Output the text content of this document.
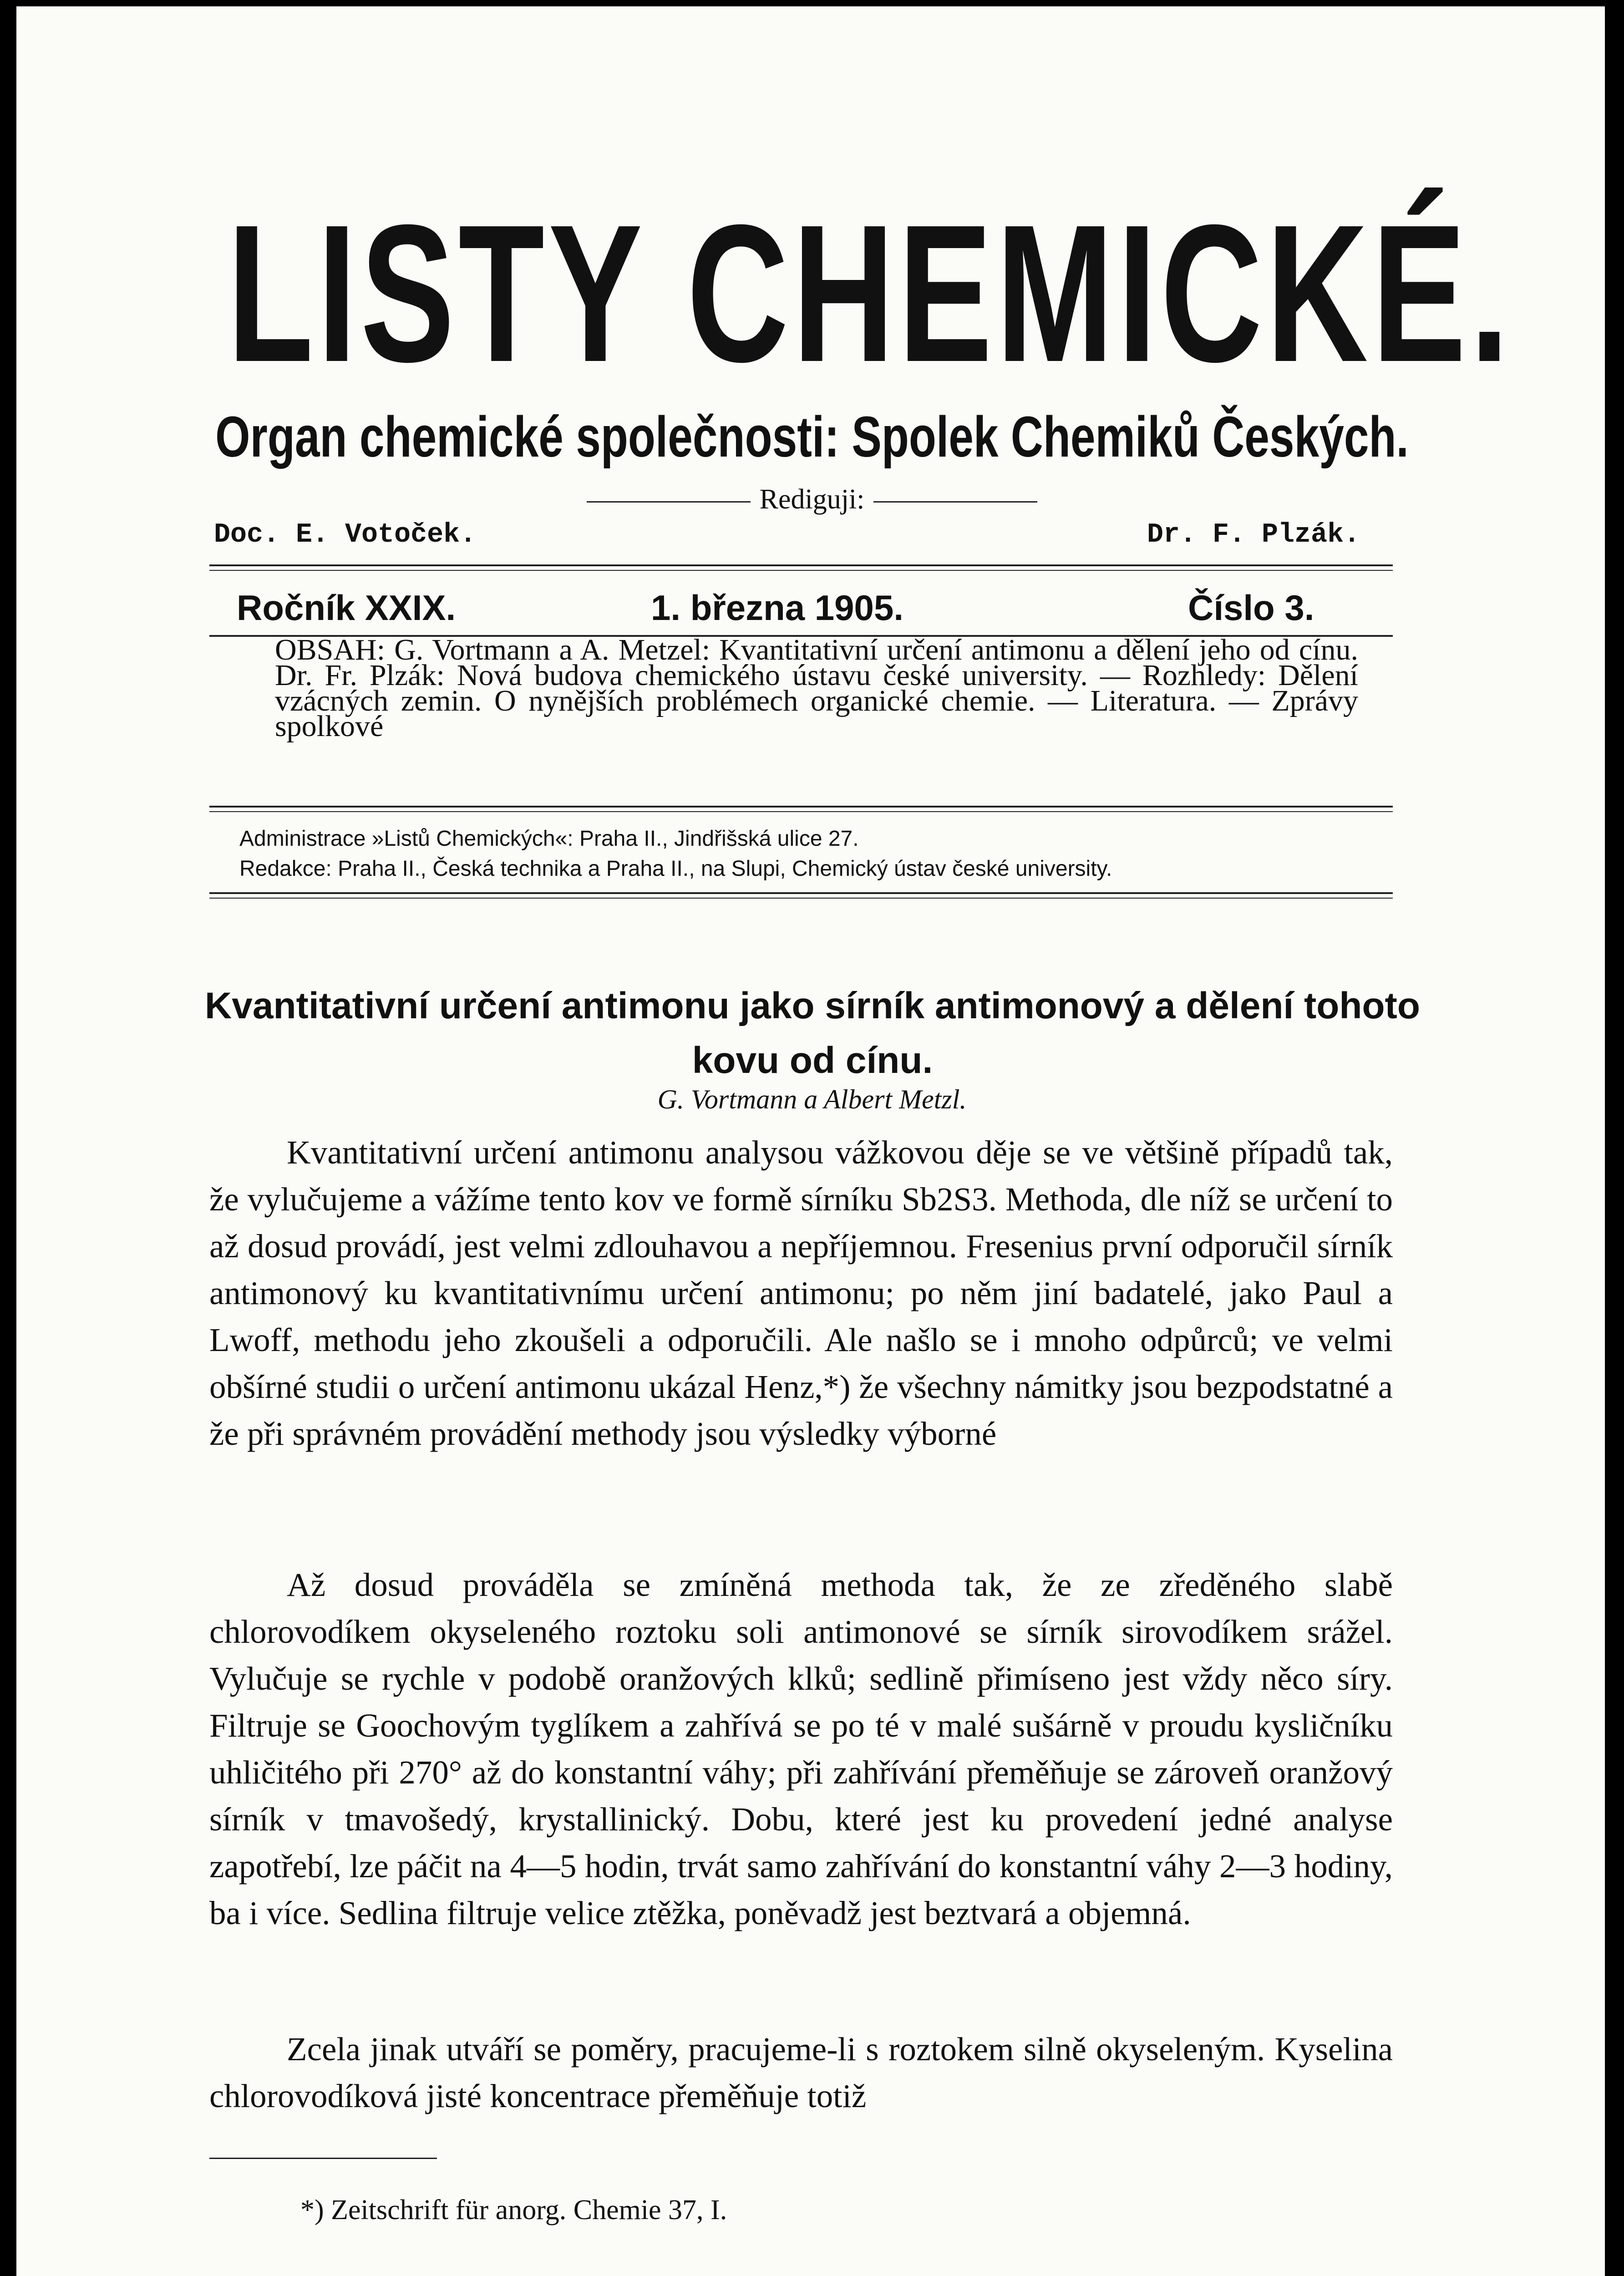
LISTY CHEMICKÉ.
Organ chemické společnosti: Spolek Chemiků Českých.
Rediguji:
Doc. E. Votoček.	Dr. F. Plzák.
Ročník XXIX.	1. března 1905.	Číslo 3.
OBSAH: G. Vortmann a A. Metzel: Kvantitativní určení antimonu a dělení jeho od cínu. Dr. Fr. Plzák: Nová budova chemického ústavu české university. — Rozhledy: Dělení vzácných zemin. O nynějších problémech organické chemie. — Literatura. — Zprávy spolkové
Administrace »Listů Chemických«: Praha II., Jindřišská ulice 27.
Redakce: Praha II., Česká technika a Praha II., na Slupi, Chemický ústav české university.
Kvantitativní určení antimonu jako sírník antimonový a dělení tohoto kovu od cínu.
G. Vortmann a Albert Metzl.
Kvantitativní určení antimonu analysou vážkovou děje se ve většině případů tak, že vylučujeme a vážíme tento kov ve formě sírníku Sb2S3. Methoda, dle níž se určení to až dosud provádí, jest velmi zdlouhavou a nepříjemnou. Fresenius první odporučil sírník antimonový ku kvantitativnímu určení antimonu; po něm jiní badatelé, jako Paul a Lwoff, methodu jeho zkoušeli a odporučili. Ale našlo se i mnoho odpůrců; ve velmi obšírné studii o určení antimonu ukázal Henz,*) že všechny námitky jsou bezpodstatné a že při správném provádění methody jsou výsledky výborné
Až dosud prováděla se zmíněná methoda tak, že ze zředěného slabě chlorovodíkem okyseleného roztoku soli antimonové se sírník sirovodíkem srážel. Vylučuje se rychle v podobě oranžových klků; sedlině přimíseno jest vždy něco síry. Filtruje se Goochovým tyglíkem a zahřívá se po té v malé sušárně v proudu kysličníku uhličitého při 270° až do konstantní váhy; při zahřívání přeměňuje se zároveň oranžový sírník v tmavošedý, krystallinický. Dobu, které jest ku provedení jedné analyse zapotřebí, lze páčit na 4—5 hodin, trvát samo zahřívání do konstantní váhy 2—3 hodiny, ba i více. Sedlina filtruje velice ztěžka, poněvadž jest beztvará a objemná.
Zcela jinak utváří se poměry, pracujeme-li s roztokem silně okyseleným. Kyselina chlorovodíková jisté koncentrace přeměňuje totiž
*) Zeitschrift für anorg. Chemie 37, I.
